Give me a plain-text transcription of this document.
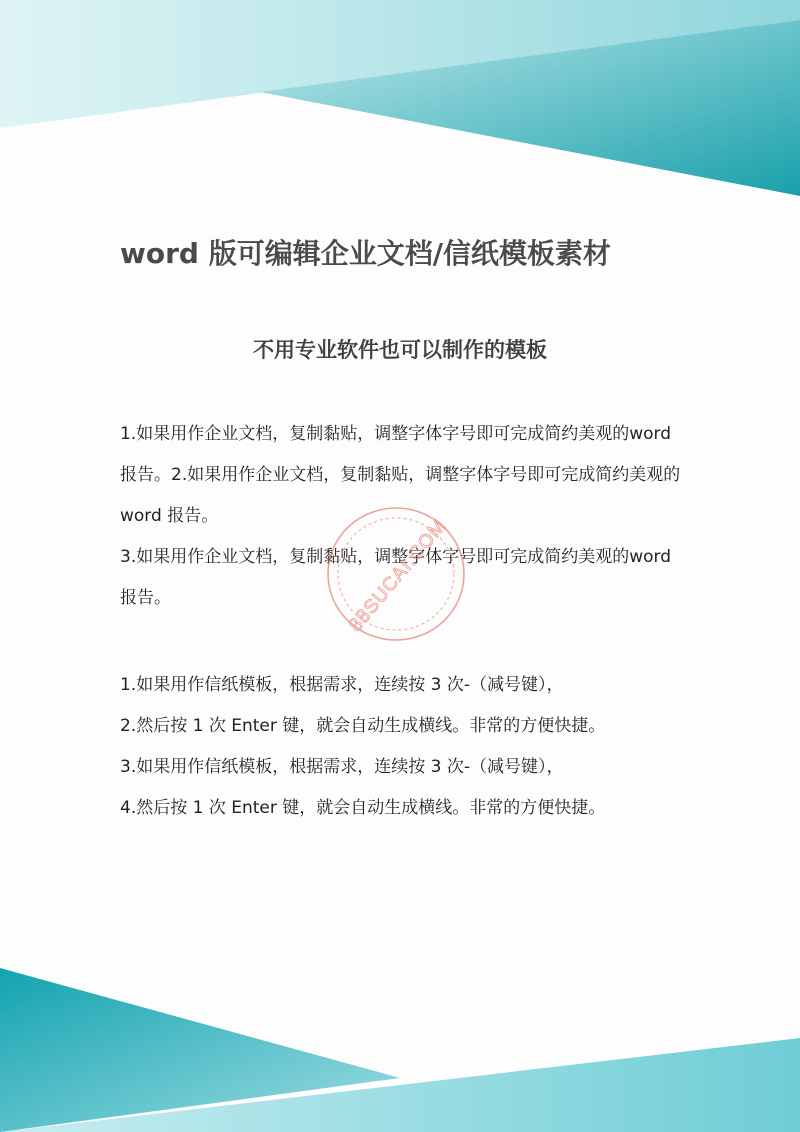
word 版可编辑企业文档/信纸模板素材
不用专业软件也可以制作的模板

1.如果用作企业文档，复制黏贴，调整字体字号即可完成简约美观的word 报告。2.如果用作企业文档，复制黏贴，调整字体字号即可完成简约美观的 word 报告。

3.如果用作企业文档，复制黏贴，调整字体字号即可完成简约美观的word 报告。

1.如果用作信纸模板，根据需求，连续按 3 次-（减号键），

2.然后按 1 次 Enter 键，就会自动生成横线。非常的方便快捷。

3.如果用作信纸模板，根据需求，连续按 3 次-（减号键），

4.然后按 1 次 Enter 键，就会自动生成横线。非常的方便快捷。

88SUCAI.COM
